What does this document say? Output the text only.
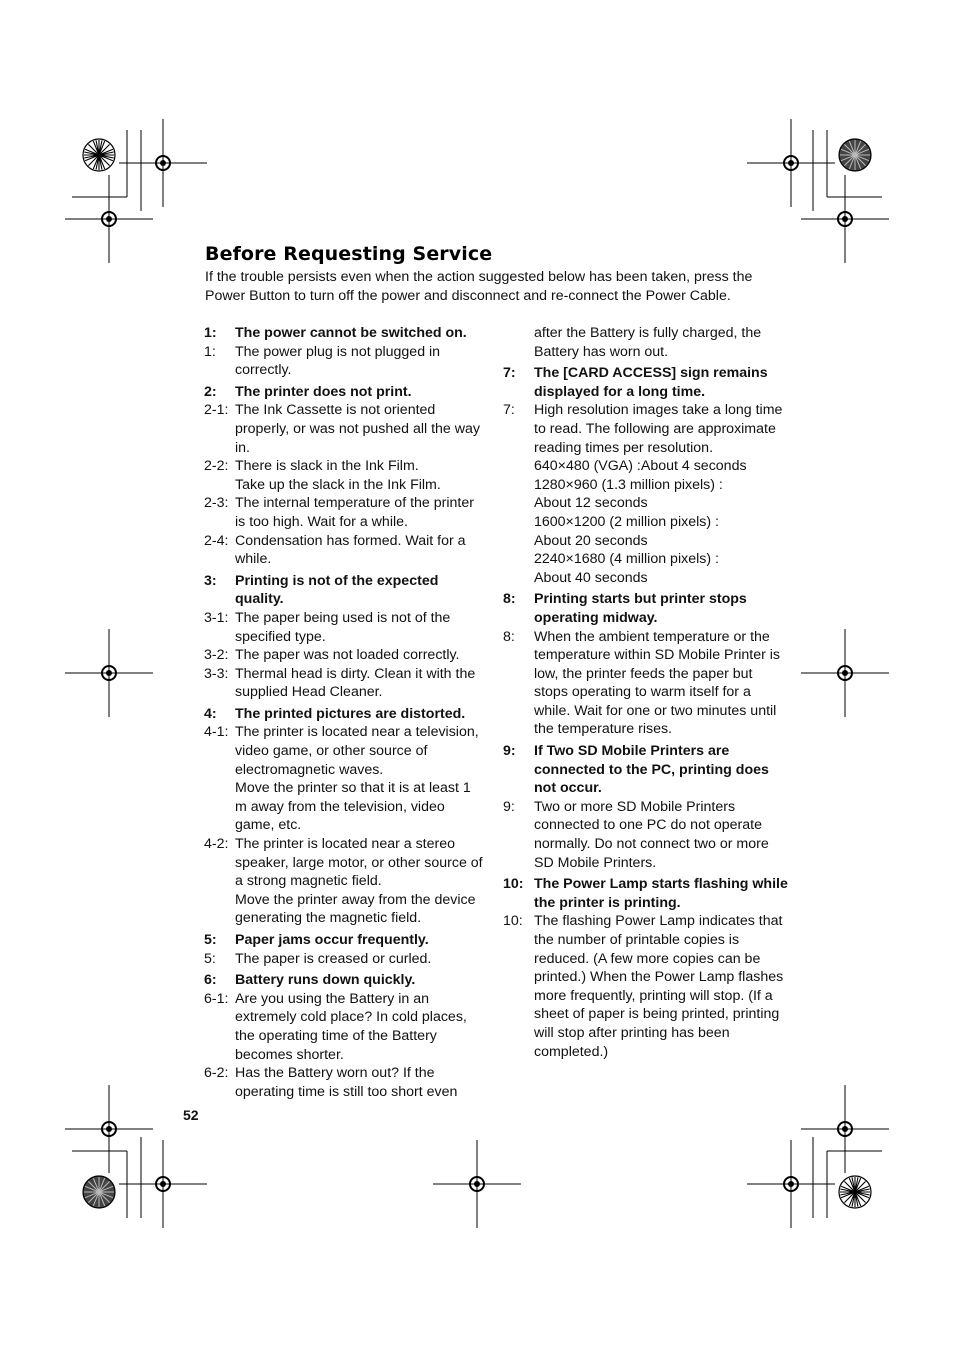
Before Requesting Service

If the trouble persists even when the action suggested below has been taken, press the Power Button to turn off the power and disconnect and re-connect the Power Cable.

1:	The power cannot be switched on.
1:	The power plug is not plugged in correctly.
2:	The printer does not print.
2-1: The Ink Cassette is not oriented properly, or was not pushed all the way in.
2-2: There is slack in the Ink Film.
Take up the slack in the Ink Film.
2-3: The internal temperature of the printer is too high. Wait for a while.
2-4: Condensation has formed. Wait for a while.
3:	Printing is not of the expected quality.
3-1: The paper being used is not of the specified type.
3-2: The paper was not loaded correctly.
3-3: Thermal head is dirty. Clean it with the supplied Head Cleaner.
4:	The printed pictures are distorted.
4-1: The printer is located near a television, video game, or other source of electromagnetic waves.
Move the printer so that it is at least 1 m away from the television, video game, etc.
4-2: The printer is located near a stereo speaker, large motor, or other source of a strong magnetic field.
Move the printer away from the device generating the magnetic field.
5:	Paper jams occur frequently.
5:	The paper is creased or curled.
6:	Battery runs down quickly.
6-1: Are you using the Battery in an extremely cold place? In cold places, the operating time of the Battery becomes shorter.
6-2: Has the Battery worn out? If the operating time is still too short even
after the Battery is fully charged, the Battery has worn out.
7:	The [CARD ACCESS] sign remains displayed for a long time.
7:	High resolution images take a long time to read. The following are approximate reading times per resolution.
640×480 (VGA) :About 4 seconds
1280×960 (1.3 million pixels) :
About 12 seconds
1600×1200 (2 million pixels) :
About 20 seconds
2240×1680 (4 million pixels) :
About 40 seconds
8:	Printing starts but printer stops operating midway.
8:	When the ambient temperature or the temperature within SD Mobile Printer is low, the printer feeds the paper but stops operating to warm itself for a while. Wait for one or two minutes until the temperature rises.
9:	If Two SD Mobile Printers are connected to the PC, printing does not occur.
9:	Two or more SD Mobile Printers connected to one PC do not operate normally. Do not connect two or more SD Mobile Printers.
10: The Power Lamp starts flashing while the printer is printing.
10: The flashing Power Lamp indicates that the number of printable copies is reduced. (A few more copies can be printed.) When the Power Lamp flashes more frequently, printing will stop. (If a sheet of paper is being printed, printing will stop after printing has been completed.)
52
